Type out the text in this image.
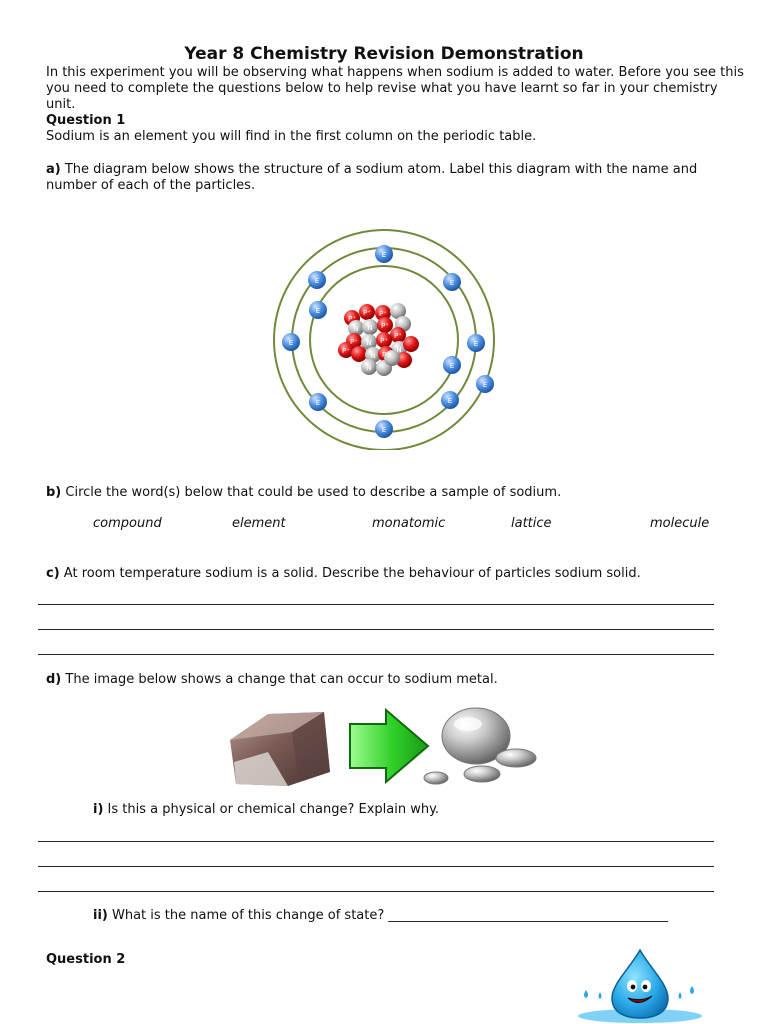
Year 8 Chemistry Revision Demonstration
In this experiment you will be observing what happens when sodium is added to water. Before you see this you need to complete the questions below to help revise what you have learnt so far in your chemistry unit.
Question 1
Sodium is an element you will find in the first column on the periodic table.
a) The diagram below shows the structure of a sodium atom. Label this diagram with the name and number of each of the particles.
P⁺
P⁺ P⁺
P⁺
P⁺
P⁺	P⁺
P⁺	P⁺
N N
N
N
N
N
E
E	E
E
E	E
E
E
E
E
E
b) Circle the word(s) below that could be used to describe a sample of sodium.
compound	element	monatomic	lattice	molecule
c) At room temperature sodium is a solid. Describe the behaviour of particles sodium solid.
d) The image below shows a change that can occur to sodium metal.
i) Is this a physical or chemical change? Explain why.
ii) What is the name of this change of state? ___________________________________________
Question 2
